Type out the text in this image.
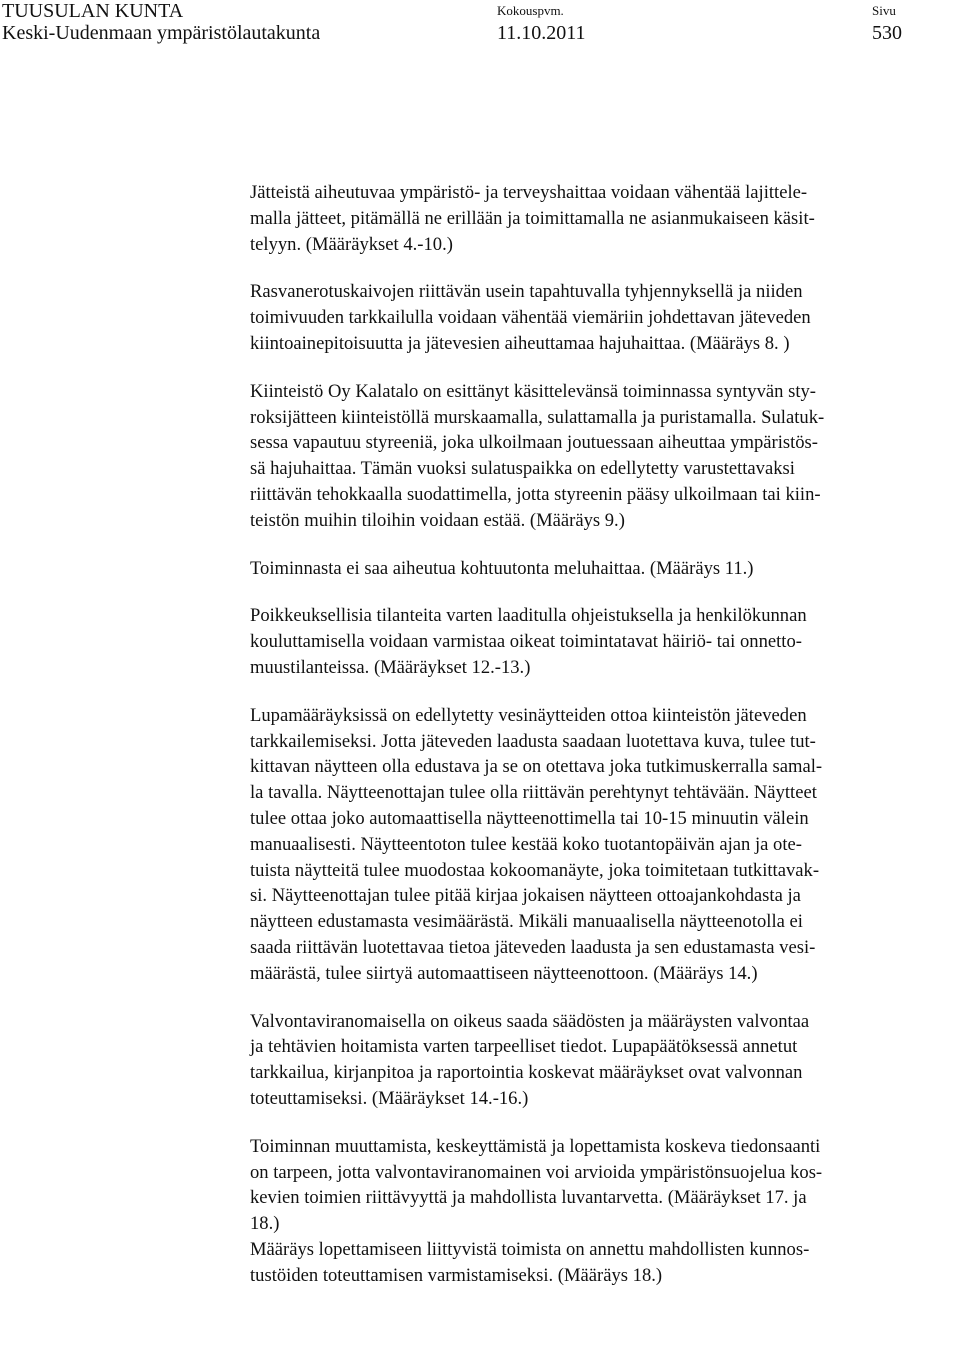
TUUSULAN KUNTA
Keski-Uudenmaan ympäristölautakunta
Kokouspvm.
11.10.2011
Sivu
530

Jätteistä aiheutuvaa ympäristö- ja terveyshaittaa voidaan vähentää lajittele-
malla jätteet, pitämällä ne erillään ja toimittamalla ne asianmukaiseen käsit-
telyyn. (Määräykset 4.-10.)

Rasvanerotuskaivojen riittävän usein tapahtuvalla tyhjennyksellä ja niiden
toimivuuden tarkkailulla voidaan vähentää viemäriin johdettavan jäteveden
kiintoainepitoisuutta ja jätevesien aiheuttamaa hajuhaittaa. (Määräys 8. )

Kiinteistö Oy Kalatalo on esittänyt käsittelevänsä toiminnassa syntyvän sty-
roksijätteen kiinteistöllä murskaamalla, sulattamalla ja puristamalla. Sulatuk-
sessa vapautuu styreeniä, joka ulkoilmaan joutuessaan aiheuttaa ympäristös-
sä hajuhaittaa. Tämän vuoksi sulatuspaikka on edellytetty varustettavaksi
riittävän tehokkaalla suodattimella, jotta styreenin pääsy ulkoilmaan tai kiin-
teistön muihin tiloihin voidaan estää. (Määräys 9.)

Toiminnasta ei saa aiheutua kohtuutonta meluhaittaa. (Määräys 11.)

Poikkeuksellisia tilanteita varten laaditulla ohjeistuksella ja henkilökunnan
kouluttamisella voidaan varmistaa oikeat toimintatavat häiriö- tai onnetto-
muustilanteissa. (Määräykset 12.-13.)

Lupamääräyksissä on edellytetty vesinäytteiden ottoa kiinteistön jäteveden
tarkkailemiseksi. Jotta jäteveden laadusta saadaan luotettava kuva, tulee tut-
kittavan näytteen olla edustava ja se on otettava joka tutkimuskerralla samal-
la tavalla. Näytteenottajan tulee olla riittävän perehtynyt tehtävään. Näytteet
tulee ottaa joko automaattisella näytteenottimella tai 10-15 minuutin välein
manuaalisesti. Näytteentoton tulee kestää koko tuotantopäivän ajan ja ote-
tuista näytteitä tulee muodostaa kokoomanäyte, joka toimitetaan tutkittavak-
si. Näytteenottajan tulee pitää kirjaa jokaisen näytteen ottoajankohdasta ja
näytteen edustamasta vesimäärästä. Mikäli manuaalisella näytteenotolla ei
saada riittävän luotettavaa tietoa jäteveden laadusta ja sen edustamasta vesi-
määrästä, tulee siirtyä automaattiseen näytteenottoon. (Määräys 14.)

Valvontaviranomaisella on oikeus saada säädösten ja määräysten valvontaa
ja tehtävien hoitamista varten tarpeelliset tiedot. Lupapäätöksessä annetut
tarkkailua, kirjanpitoa ja raportointia koskevat määräykset ovat valvonnan
toteuttamiseksi. (Määräykset 14.-16.)

Toiminnan muuttamista, keskeyttämistä ja lopettamista koskeva tiedonsaanti
on tarpeen, jotta valvontaviranomainen voi arvioida ympäristönsuojelua kos-
kevien toimien riittävyyttä ja mahdollista luvantarvetta. (Määräykset 17. ja
18.)

Määräys lopettamiseen liittyvistä toimista on annettu mahdollisten kunnos-
tustöiden toteuttamisen varmistamiseksi. (Määräys 18.)
